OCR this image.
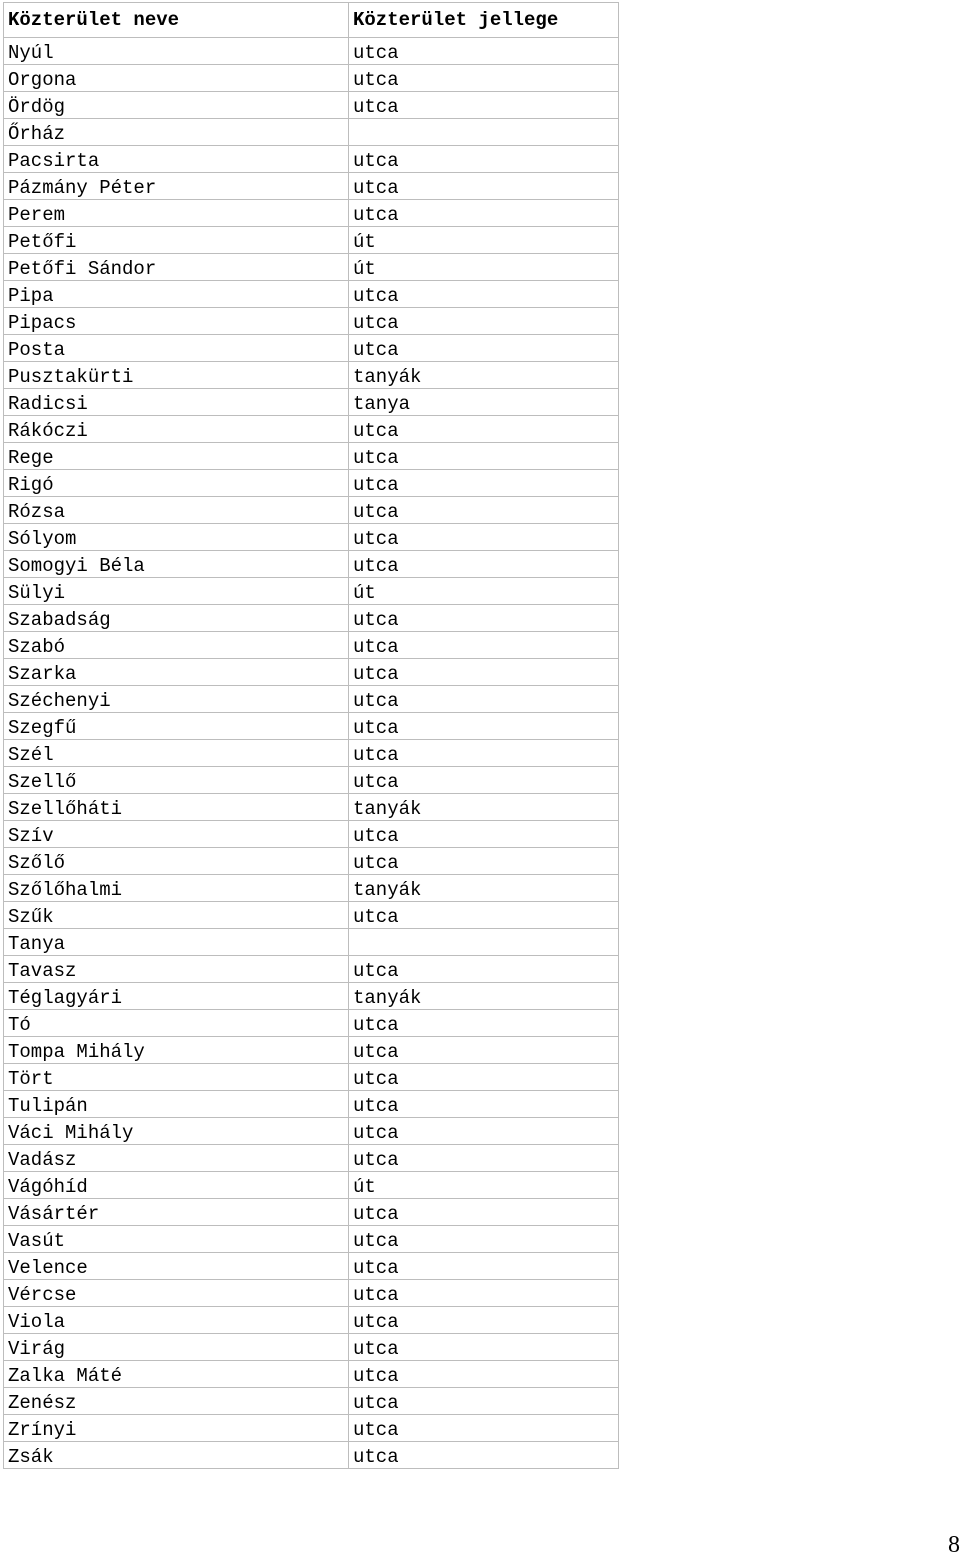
Közterület neve	Közterület jellege
Nyúl	utca
Orgona	utca
Ördög	utca
Őrház	
Pacsirta	utca
Pázmány Péter	utca
Perem	utca
Petőfi	út
Petőfi Sándor	út
Pipa	utca
Pipacs	utca
Posta	utca
Pusztakürti	tanyák
Radicsi	tanya
Rákóczi	utca
Rege	utca
Rigó	utca
Rózsa	utca
Sólyom	utca
Somogyi Béla	utca
Sülyi	út
Szabadság	utca
Szabó	utca
Szarka	utca
Széchenyi	utca
Szegfű	utca
Szél	utca
Szellő	utca
Szellőháti	tanyák
Szív	utca
Szőlő	utca
Szőlőhalmi	tanyák
Szűk	utca
Tanya	
Tavasz	utca
Téglagyári	tanyák
Tó	utca
Tompa Mihály	utca
Tört	utca
Tulipán	utca
Váci Mihály	utca
Vadász	utca
Vágóhíd	út
Vásártér	utca
Vasút	utca
Velence	utca
Vércse	utca
Viola	utca
Virág	utca
Zalka Máté	utca
Zenész	utca
Zrínyi	utca
Zsák	utca
8
